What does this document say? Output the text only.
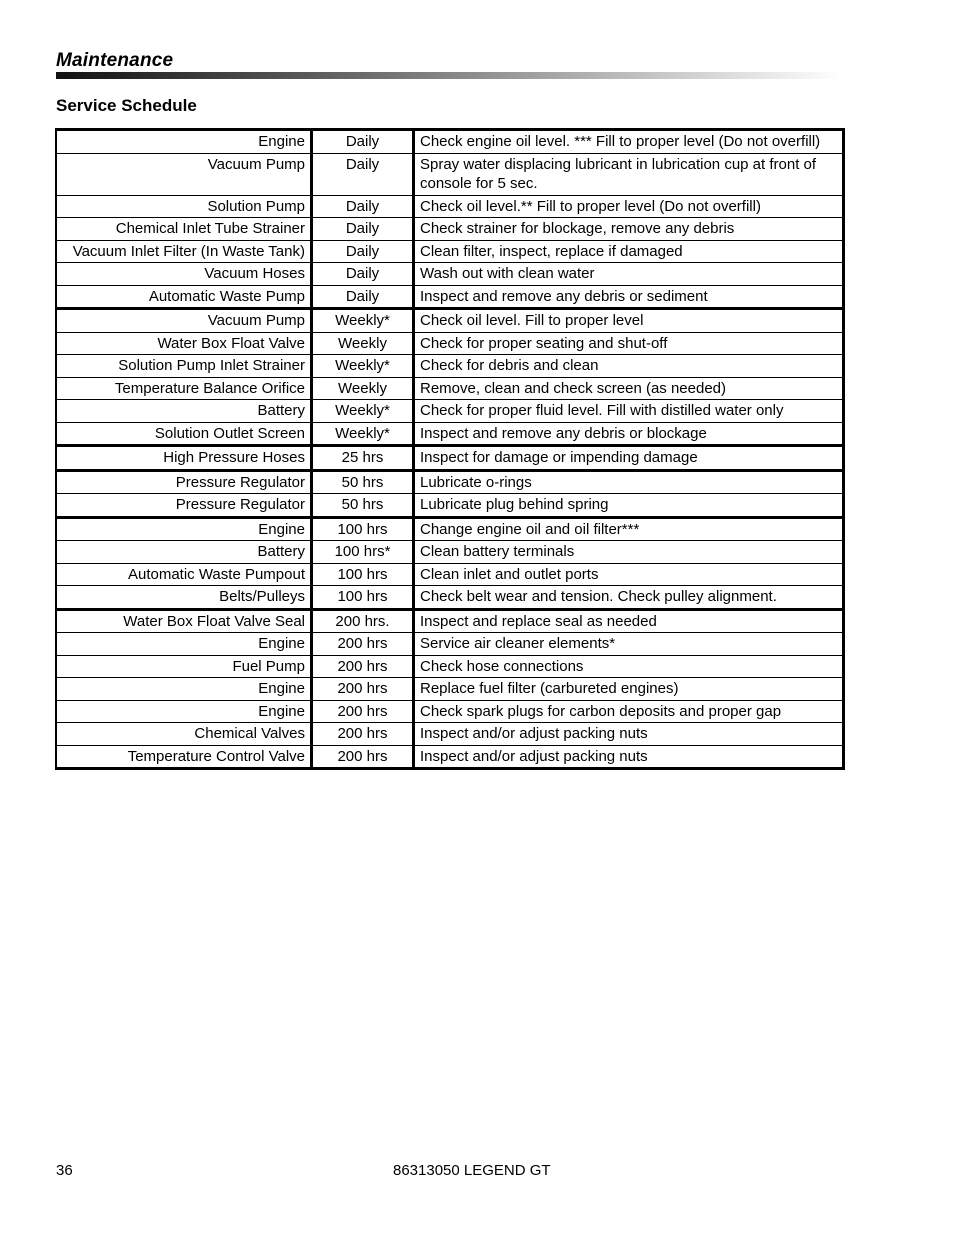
Maintenance
Service Schedule
Engine	Daily	Check engine oil level. *** Fill to proper level (Do not overfill)
Vacuum Pump	Daily	Spray water displacing lubricant in lubrication cup at front of console for 5 sec.
Solution Pump	Daily	Check oil level.** Fill to proper level (Do not overfill)
Chemical Inlet Tube Strainer	Daily	Check strainer for blockage, remove any debris
Vacuum Inlet Filter (In Waste Tank)	Daily	Clean filter, inspect, replace if damaged
Vacuum Hoses	Daily	Wash out with clean water
Automatic Waste Pump	Daily	Inspect and remove any debris or sediment
Vacuum Pump	Weekly*	Check oil level. Fill to proper level
Water Box Float Valve	Weekly	Check for proper seating and shut-off
Solution Pump Inlet Strainer	Weekly*	Check for debris and clean
Temperature Balance Orifice	Weekly	Remove, clean and check screen (as needed)
Battery	Weekly*	Check for proper fluid level. Fill with distilled water only
Solution Outlet Screen	Weekly*	Inspect and remove any debris or blockage
High Pressure Hoses	25 hrs	Inspect for damage or impending damage
Pressure Regulator	50 hrs	Lubricate o-rings
Pressure Regulator	50 hrs	Lubricate plug behind spring
Engine	100 hrs	Change engine oil and oil filter***
Battery	100 hrs*	Clean battery terminals
Automatic Waste Pumpout	100 hrs	Clean inlet and outlet ports
Belts/Pulleys	100 hrs	Check belt wear and tension. Check pulley alignment.
Water Box Float Valve Seal	200 hrs.	Inspect and replace seal as needed
Engine	200 hrs	Service air cleaner elements*
Fuel Pump	200 hrs	Check hose connections
Engine	200 hrs	Replace fuel filter (carbureted engines)
Engine	200 hrs	Check spark plugs for carbon deposits and proper gap
Chemical Valves	200 hrs	Inspect and/or adjust packing nuts
Temperature Control Valve	200 hrs	Inspect and/or adjust packing nuts
36	86313050 LEGEND GT
